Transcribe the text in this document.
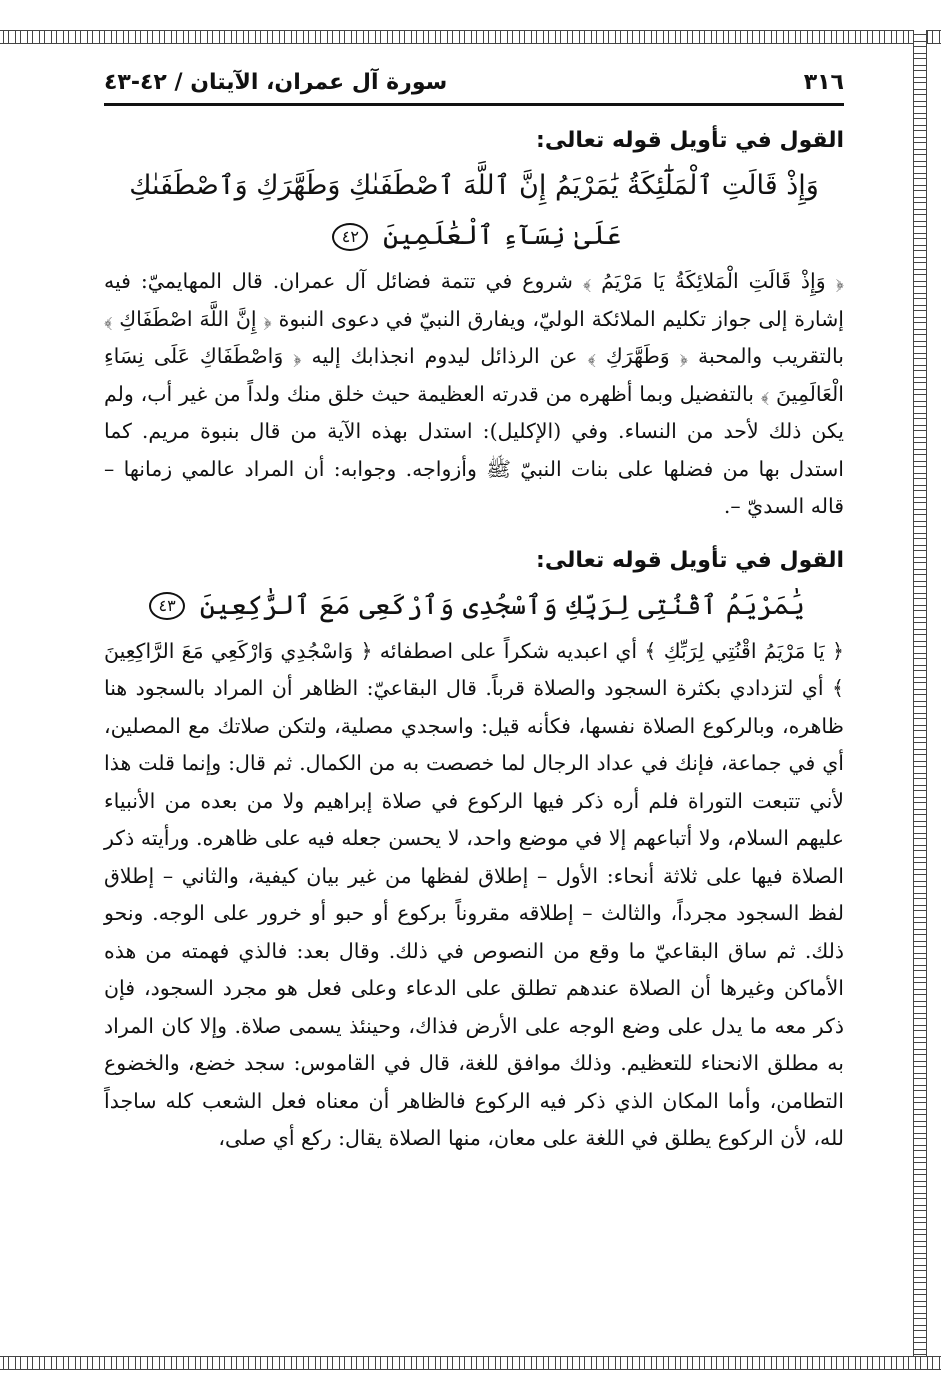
٣١٦
سورة آل عمران، الآيتان / ٤٢-٤٣
القول في تأويل قوله تعالى:
وَإِذْ قَالَتِ ٱلْمَلَٰٓئِكَةُ يَٰمَرْيَمُ إِنَّ ٱللَّهَ ٱصْطَفَىٰكِ وَطَهَّرَكِ وَٱصْطَفَىٰكِ
عَلَىٰ نِسَآءِ ٱلْعَٰلَمِينَ ٤٢

﴿ وَإِذْ قَالَتِ الْمَلائِكَةُ يَا مَرْيَمُ ﴾ شروع في تتمة فضائل آل عمران. قال المهايميّ: فيه إشارة إلى جواز تكليم الملائكة الوليّ، ويفارق النبيّ في دعوى النبوة ﴿ إِنَّ اللَّهَ اصْطَفَاكِ ﴾ بالتقريب والمحبة ﴿ وَطَهَّرَكِ ﴾ عن الرذائل ليدوم انجذابك إليه ﴿ وَاصْطَفَاكِ عَلَى نِسَاءِ الْعَالَمِينَ ﴾ بالتفضيل وبما أظهره من قدرته العظيمة حيث خلق منك ولداً من غير أب، ولم يكن ذلك لأحد من النساء. وفي (الإكليل): استدل بهذه الآية من قال بنبوة مريم. كما استدل بها من فضلها على بنات النبيّ ﷺ وأزواجه. وجوابه: أن المراد عالمي زمانها – قاله السديّ –.

القول في تأويل قوله تعالى:
يَٰمَرْيَمُ ٱقْنُتِى لِرَبِّكِ وَٱسْجُدِى وَٱرْكَعِى مَعَ ٱلرَّٰكِعِينَ ٤٣

﴿ يَا مَرْيَمُ اقْنُتِي لِرَبِّكِ ﴾ أي اعبديه شكراً على اصطفائه ﴿ وَاسْجُدِي وَارْكَعِي مَعَ الرَّاكِعِينَ ﴾ أي لتزدادي بكثرة السجود والصلاة قرباً. قال البقاعيّ: الظاهر أن المراد بالسجود هنا ظاهره، وبالركوع الصلاة نفسها، فكأنه قيل: واسجدي مصلية، ولتكن صلاتك مع المصلين، أي في جماعة، فإنك في عداد الرجال لما خصصت به من الكمال. ثم قال: وإنما قلت هذا لأني تتبعت التوراة فلم أره ذكر فيها الركوع في صلاة إبراهيم ولا من بعده من الأنبياء عليهم السلام، ولا أتباعهم إلا في موضع واحد، لا يحسن جعله فيه على ظاهره. ورأيته ذكر الصلاة فيها على ثلاثة أنحاء: الأول – إطلاق لفظها من غير بيان كيفية، والثاني – إطلاق لفظ السجود مجرداً، والثالث – إطلاقه مقروناً بركوع أو حبو أو خرور على الوجه. ونحو ذلك. ثم ساق البقاعيّ ما وقع من النصوص في ذلك. وقال بعد: فالذي فهمته من هذه الأماكن وغيرها أن الصلاة عندهم تطلق على الدعاء وعلى فعل هو مجرد السجود، فإن ذكر معه ما يدل على وضع الوجه على الأرض فذاك، وحينئذ يسمى صلاة. وإلا كان المراد به مطلق الانحناء للتعظيم. وذلك موافق للغة، قال في القاموس: سجد خضع، والخضوع التطامن، وأما المكان الذي ذكر فيه الركوع فالظاهر أن معناه فعل الشعب كله ساجداً لله، لأن الركوع يطلق في اللغة على معان، منها الصلاة يقال: ركع أي صلى،
